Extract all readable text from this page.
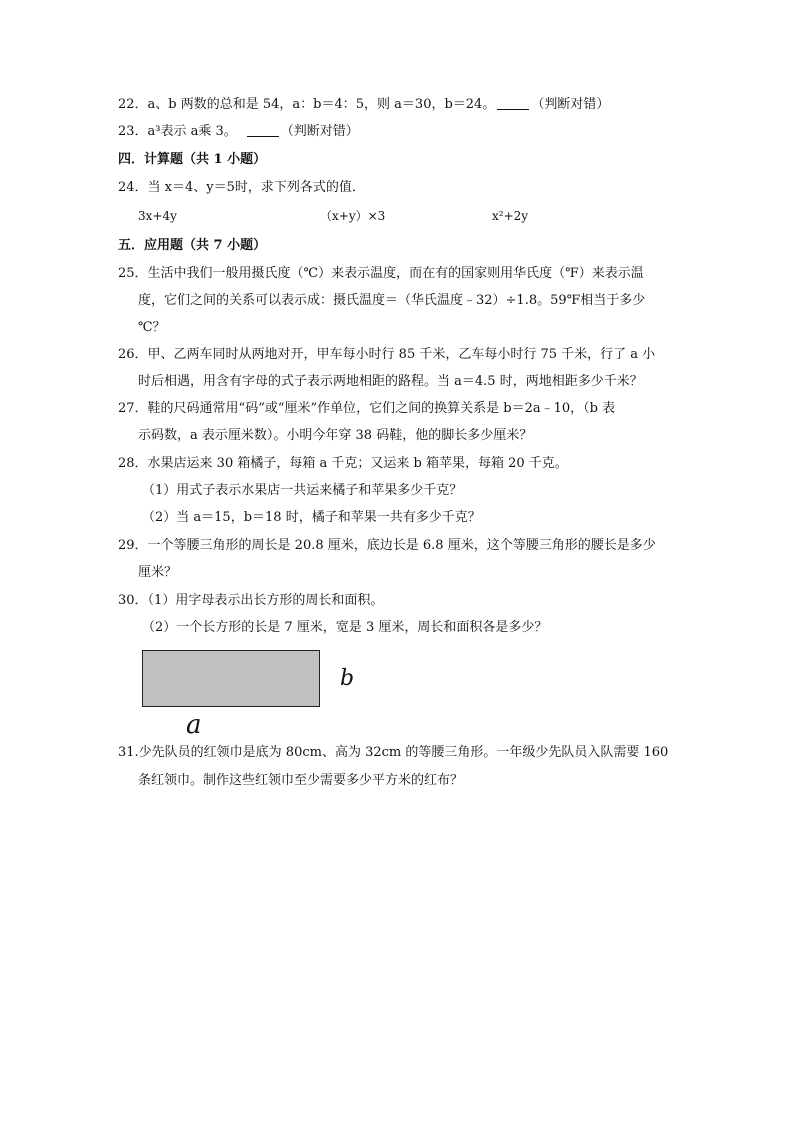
22．a、b 两数的总和是 54，a：b＝4：5，则 a＝30，b＝24。	（判断对错）
23．a³表示 a乘 3。	（判断对错）
四．计算题（共 1 小题）
24．当 x＝4、y＝5时，求下列各式的值．
3x+4y	（x+y）×3	x²+2y
五．应用题（共 7 小题）
25．生活中我们一般用摄氏度（℃）来表示温度，而在有的国家则用华氏度（℉）来表示温
度，它们之间的关系可以表示成：摄氏温度＝（华氏温度﹣32）÷1.8。59℉相当于多少
℃？
26．甲、乙两车同时从两地对开，甲车每小时行 85 千米，乙车每小时行 75 千米，行了 a 小
时后相遇，用含有字母的式子表示两地相距的路程。当 a＝4.5 时，两地相距多少千米？
27．鞋的尺码通常用“码”或“厘米”作单位，它们之间的换算关系是 b＝2a﹣10，（b 表
示码数，a 表示厘米数）。小明今年穿 38 码鞋，他的脚长多少厘米？
28．水果店运来 30 箱橘子，每箱 a 千克；又运来 b 箱苹果，每箱 20 千克。
（1）用式子表示水果店一共运来橘子和苹果多少千克？
（2）当 a＝15，b＝18 时，橘子和苹果一共有多少千克？
29．一个等腰三角形的周长是 20.8 厘米，底边长是 6.8 厘米，这个等腰三角形的腰长是多少
厘米？
30．（1）用字母表示出长方形的周长和面积。
（2）一个长方形的长是 7 厘米，宽是 3 厘米，周长和面积各是多少？
b
a
31.少先队员的红领巾是底为 80cm、高为 32cm 的等腰三角形。一年级少先队员入队需要 160
条红领巾。制作这些红领巾至少需要多少平方米的红布？
